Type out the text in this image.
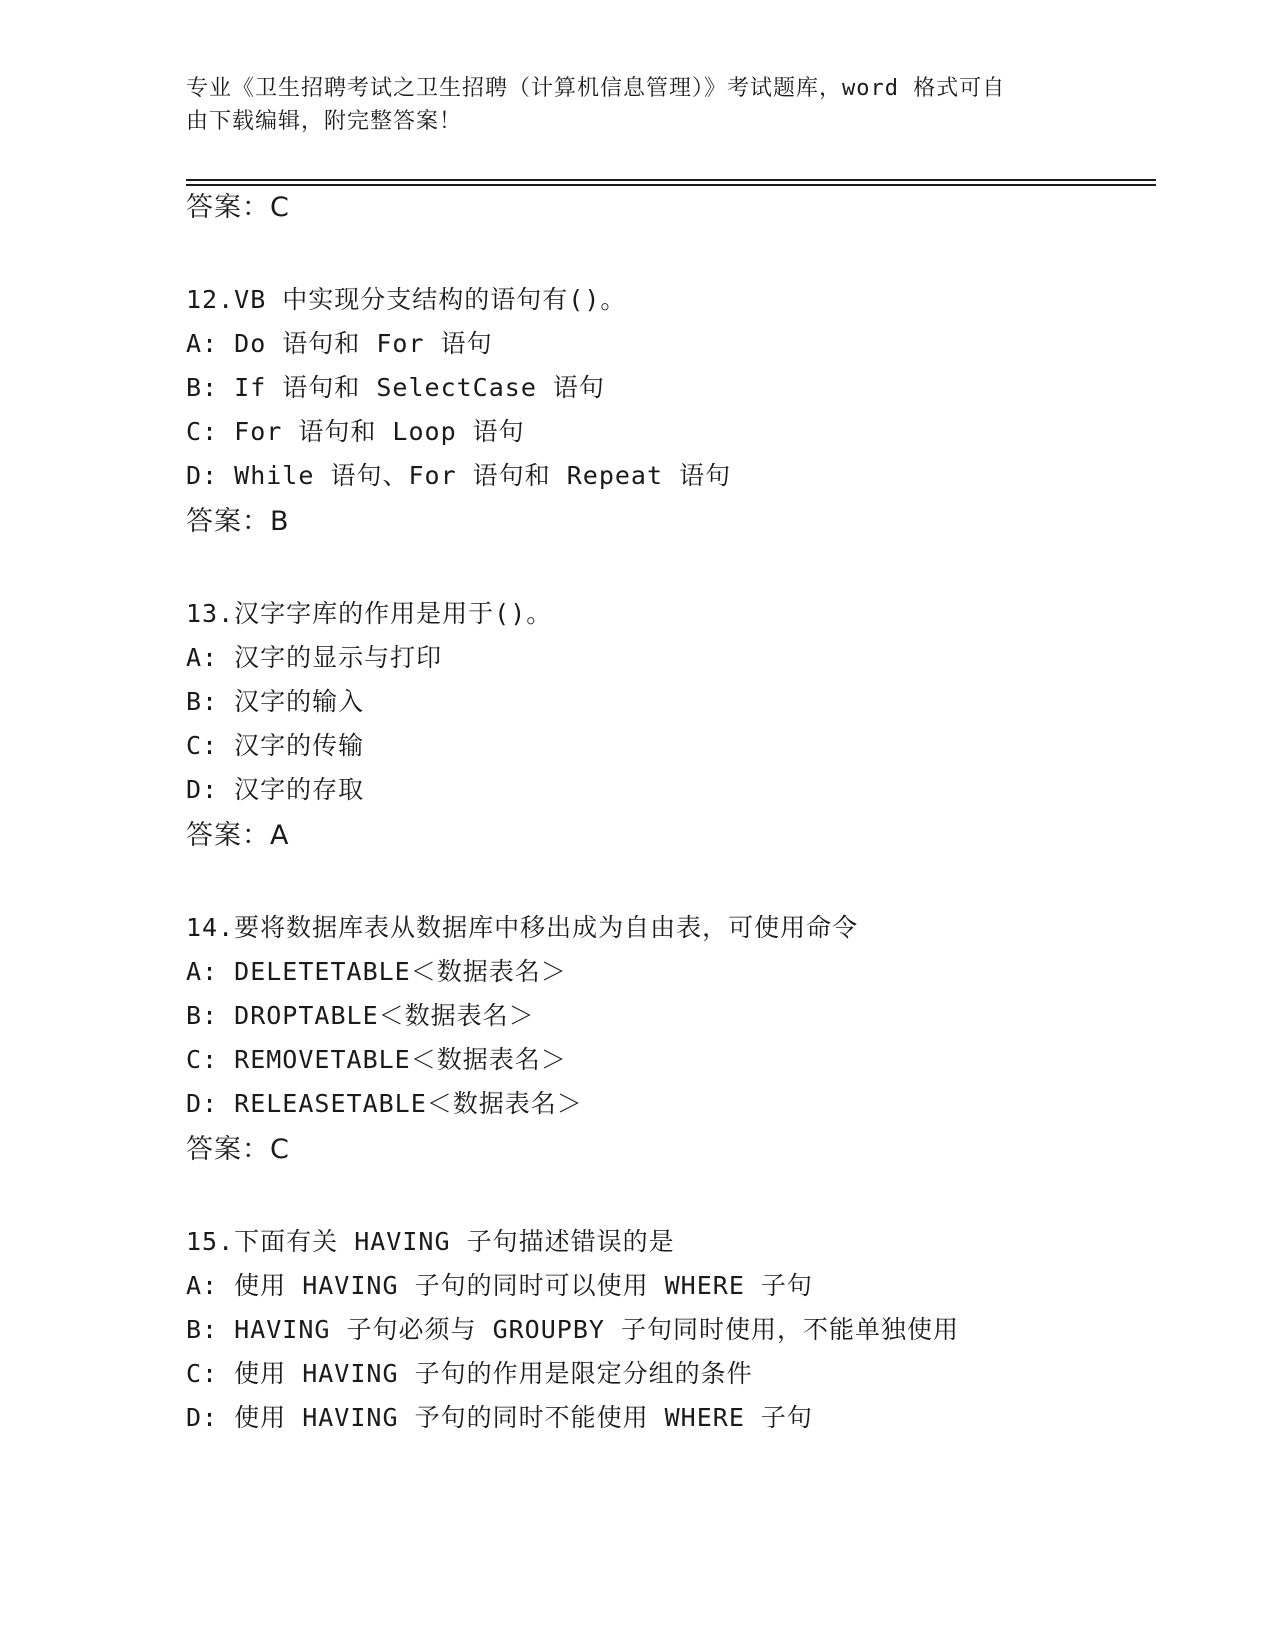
专业《卫生招聘考试之卫生招聘（计算机信息管理）》考试题库，word 格式可自
由下载编辑，附完整答案！
答案：C
12.VB 中实现分支结构的语句有()。
A: Do 语句和 For 语句
B: If 语句和 SelectCase 语句
C: For 语句和 Loop 语句
D: While 语句、For 语句和 Repeat 语句
答案：B
13.汉字字库的作用是用于()。
A: 汉字的显示与打印
B: 汉字的输入
C: 汉字的传输
D: 汉字的存取
答案：A
14.要将数据库表从数据库中移出成为自由表，可使用命令
A: DELETETABLE＜数据表名＞
B: DROPTABLE＜数据表名＞
C: REMOVETABLE＜数据表名＞
D: RELEASETABLE＜数据表名＞
答案：C
15.下面有关 HAVING 子句描述错误的是
A: 使用 HAVING 子句的同时可以使用 WHERE 子句
B: HAVING 子句必须与 GROUPBY 子句同时使用，不能单独使用
C: 使用 HAVING 子句的作用是限定分组的条件
D: 使用 HAVING 予句的同时不能使用 WHERE 子句
